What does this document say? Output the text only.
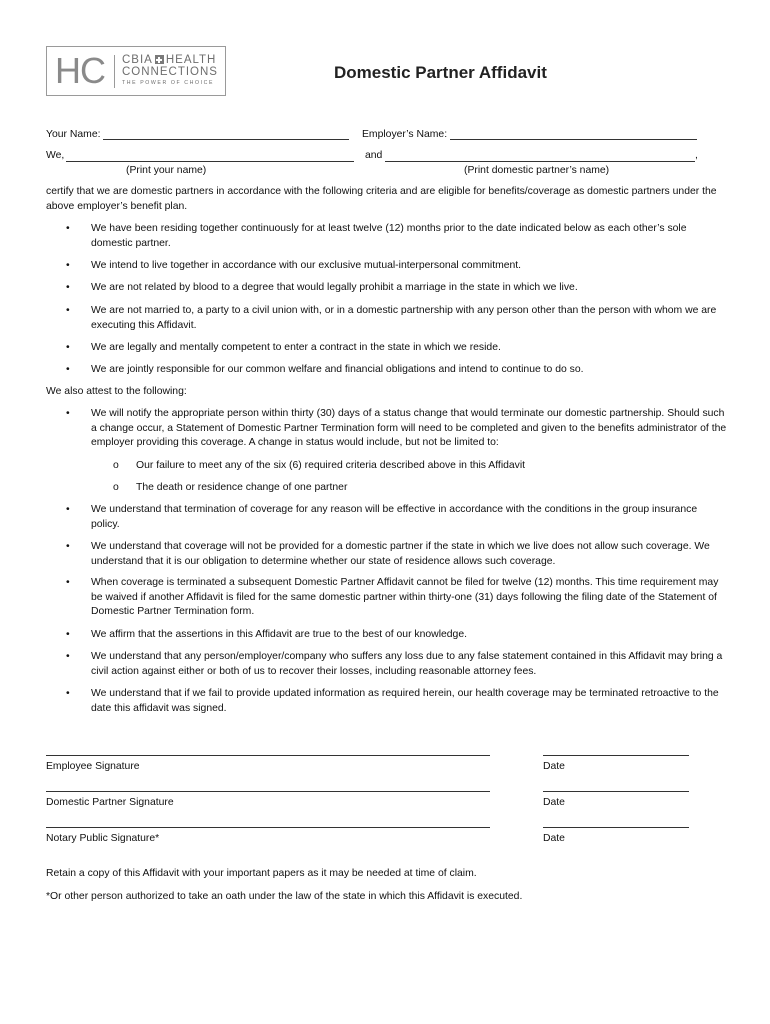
HC CBIA HEALTH
CONNECTIONS
THE POWER OF CHOICE
Domestic Partner Affidavit
Your Name:	Employer’s Name:
We,	and	,
(Print your name)	(Print domestic partner’s name)
certify that we are domestic partners in accordance with the following criteria and are eligible for benefits/coverage as domestic partners under the above employer’s benefit plan.
• We have been residing together continuously for at least twelve (12) months prior to the date indicated below as each other’s sole domestic partner.
• We intend to live together in accordance with our exclusive mutual-interpersonal commitment.
• We are not related by blood to a degree that would legally prohibit a marriage in the state in which we live.
• We are not married to, a party to a civil union with, or in a domestic partnership with any person other than the person with whom we are executing this Affidavit.
• We are legally and mentally competent to enter a contract in the state in which we reside.
• We are jointly responsible for our common welfare and financial obligations and intend to continue to do so.
We also attest to the following:
• We will notify the appropriate person within thirty (30) days of a status change that would terminate our domestic partnership. Should such a change occur, a Statement of Domestic Partner Termination form will need to be completed and given to the benefits administrator of the employer providing this coverage. A change in status would include, but not be limited to:
o Our failure to meet any of the six (6) required criteria described above in this Affidavit
o The death or residence change of one partner
• We understand that termination of coverage for any reason will be effective in accordance with the conditions in the group insurance policy.
• We understand that coverage will not be provided for a domestic partner if the state in which we live does not allow such coverage. We understand that it is our obligation to determine whether our state of residence allows such coverage.
• When coverage is terminated a subsequent Domestic Partner Affidavit cannot be filed for twelve (12) months. This time requirement may be waived if another Affidavit is filed for the same domestic partner within thirty-one (31) days following the filing date of the Statement of Domestic Partner Termination form.
• We affirm that the assertions in this Affidavit are true to the best of our knowledge.
• We understand that any person/employer/company who suffers any loss due to any false statement contained in this Affidavit may bring a civil action against either or both of us to recover their losses, including reasonable attorney fees.
• We understand that if we fail to provide updated information as required herein, our health coverage may be terminated retroactive to the date this affidavit was signed.
Employee Signature	Date
Domestic Partner Signature	Date
Notary Public Signature*	Date
Retain a copy of this Affidavit with your important papers as it may be needed at time of claim.
*Or other person authorized to take an oath under the law of the state in which this Affidavit is executed.
